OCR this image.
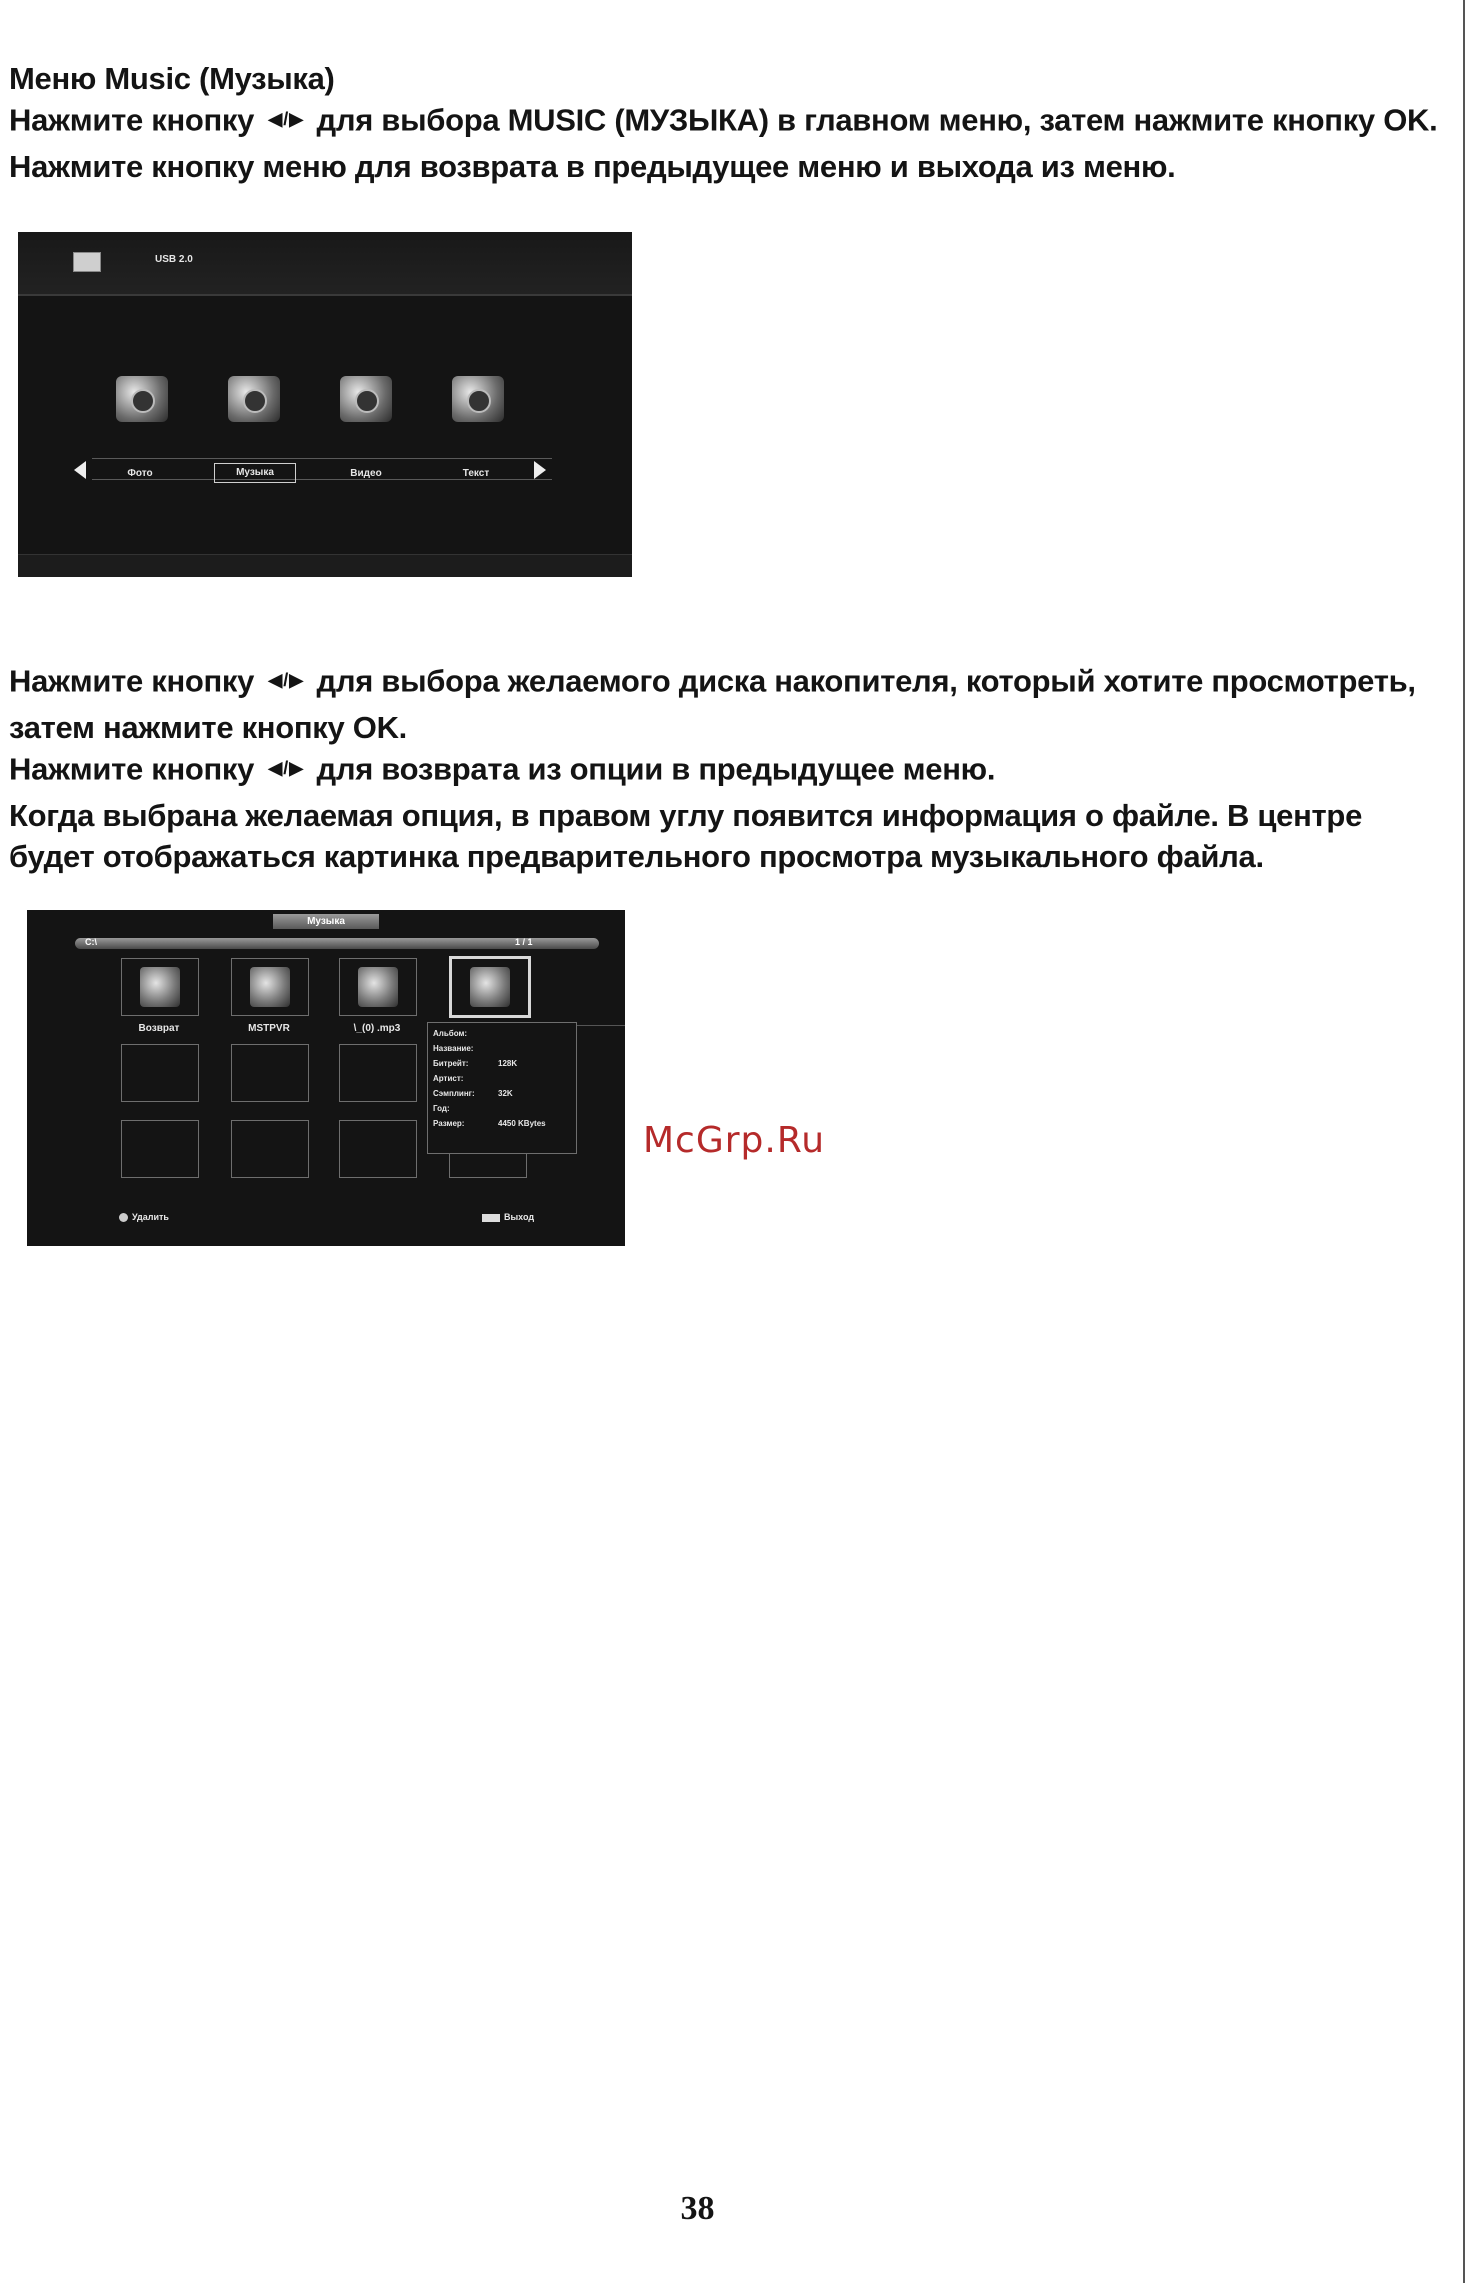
Меню Music (Музыка)

Нажмите кнопку ◀/▶ для выбора MUSIC (МУЗЫКА) в главном меню, затем нажмите кнопку OK.

Нажмите кнопку меню для возврата в предыдущее меню и выхода из меню.

USB 2.0
Фото	Музыка	Видео	Текст

Нажмите кнопку ◀/▶ для выбора желаемого диска накопителя, который хотите просмотреть, затем нажмите кнопку OK.

Нажмите кнопку ◀/▶ для возврата из опции в предыдущее меню.

Когда выбрана желаемая опция, в правом углу появится информация о файле. В центре будет отображаться картинка предварительного просмотра музыкального файла.

Музыка
C:\	1 / 1
Возврат	MSTPVR	\_(0) .mp3	Альбом:
Название:
Битрейт:	128K
Артист:
Сэмплинг:	32K
Год:
Размер:	4450 KBytes
Удалить	Выход
McGrp.Ru
38
